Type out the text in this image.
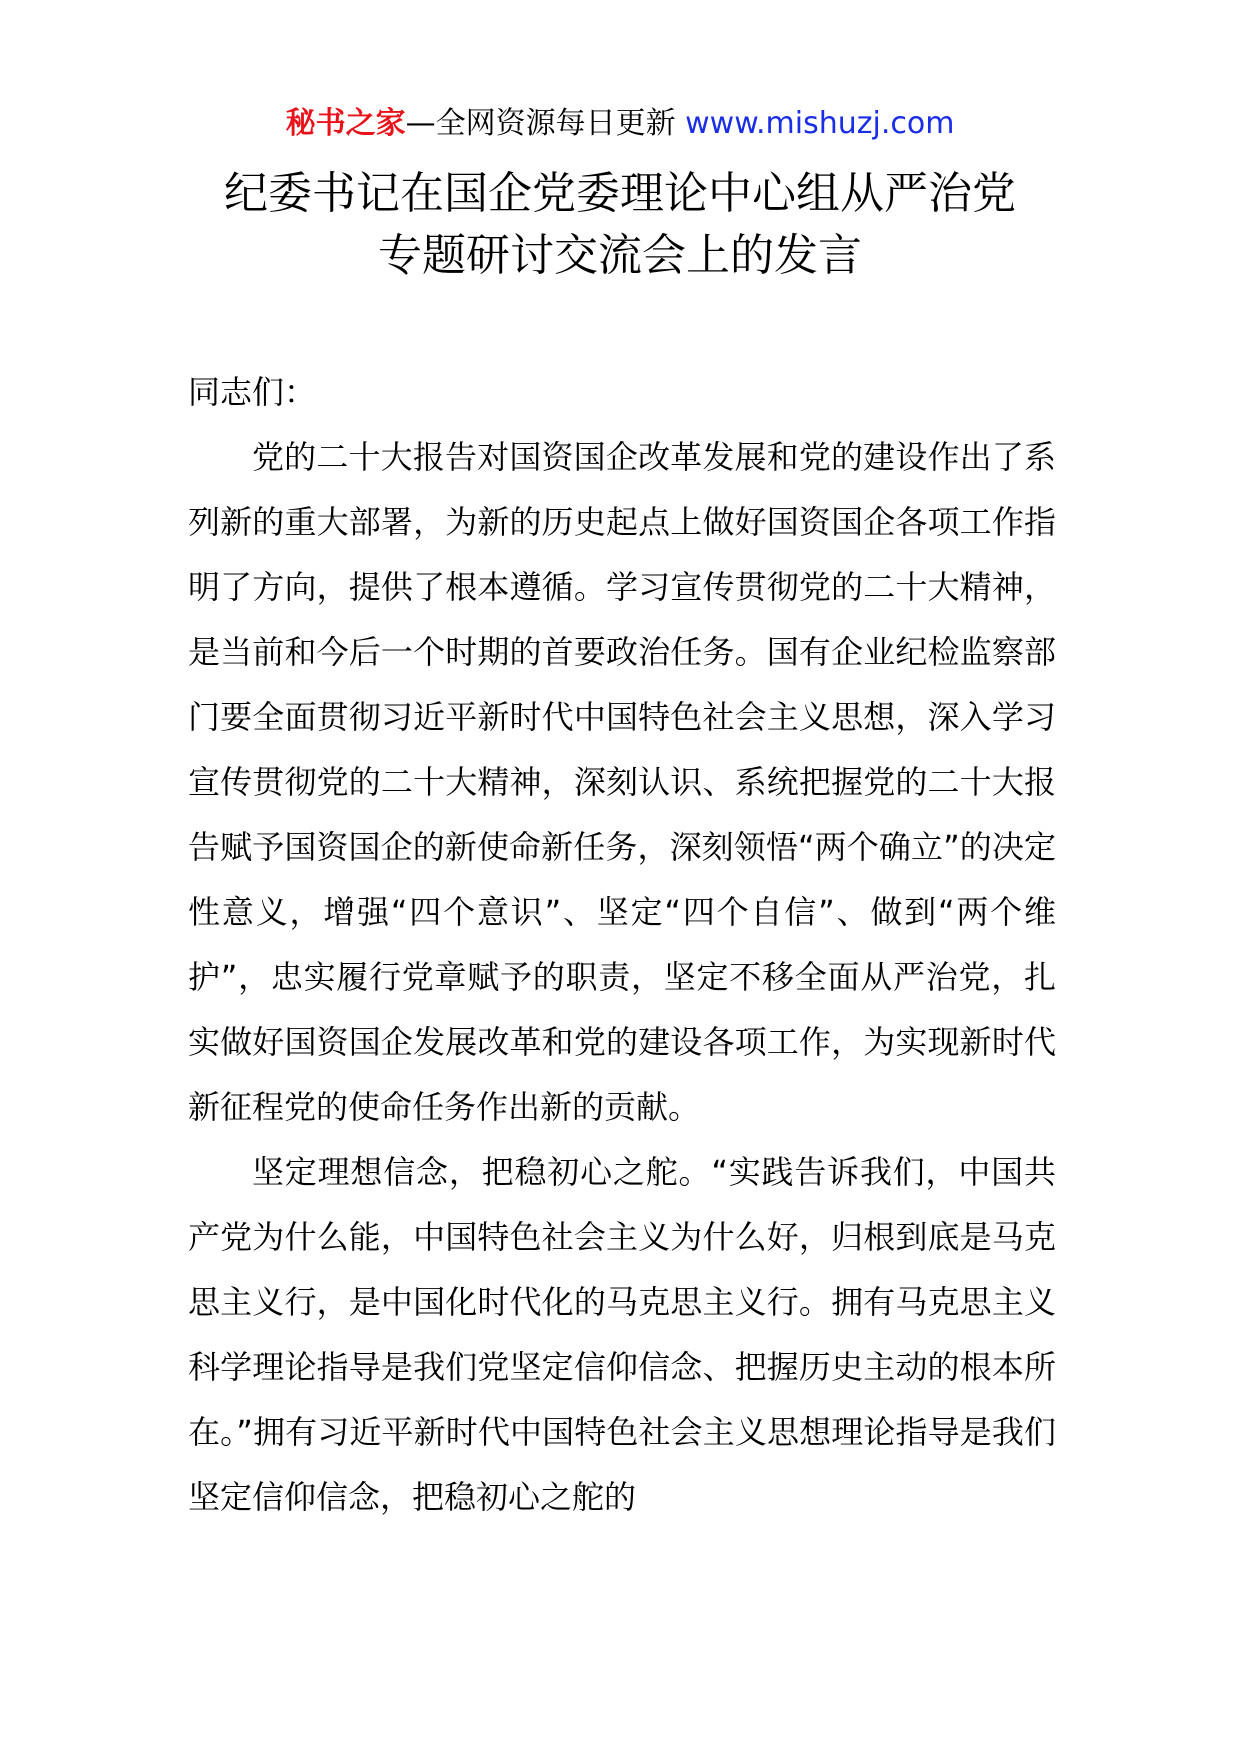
秘书之家—全网资源每日更新 www.mishuzj.com
纪委书记在国企党委理论中心组从严治党
专题研讨交流会上的发言

同志们：

党的二十大报告对国资国企改革发展和党的建设作出了系列新的重大部署，为新的历史起点上做好国资国企各项工作指明了方向，提供了根本遵循。学习宣传贯彻党的二十大精神，是当前和今后一个时期的首要政治任务。国有企业纪检监察部门要全面贯彻习近平新时代中国特色社会主义思想，深入学习宣传贯彻党的二十大精神，深刻认识、系统把握党的二十大报告赋予国资国企的新使命新任务，深刻领悟“两个确立”的决定性意义，增强“四个意识”、坚定“四个自信”、做到“两个维护”，忠实履行党章赋予的职责，坚定不移全面从严治党，扎实做好国资国企发展改革和党的建设各项工作，为实现新时代新征程党的使命任务作出新的贡献。

坚定理想信念，把稳初心之舵。“实践告诉我们，中国共产党为什么能，中国特色社会主义为什么好，归根到底是马克思主义行，是中国化时代化的马克思主义行。拥有马克思主义科学理论指导是我们党坚定信仰信念、把握历史主动的根本所在。”拥有习近平新时代中国特色社会主义思想理论指导是我们坚定信仰信念，把稳初心之舵的
